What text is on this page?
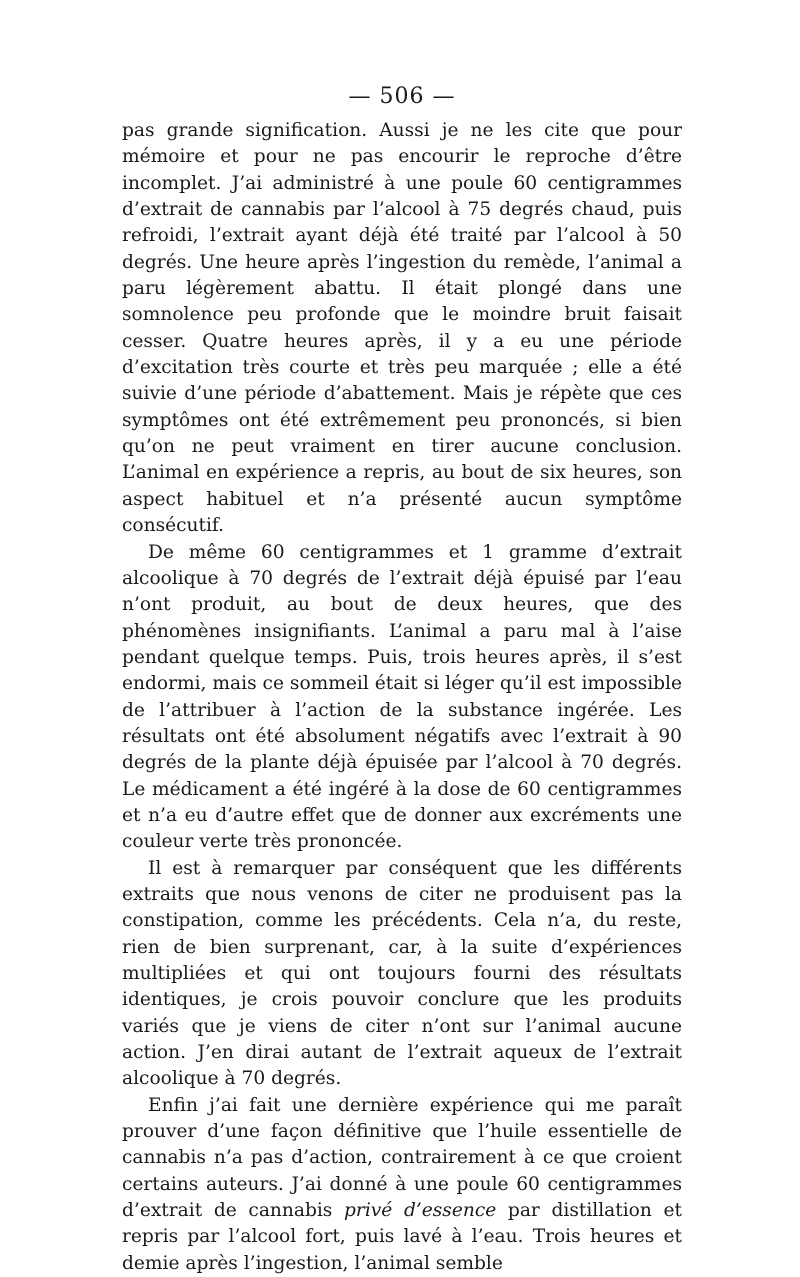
— 506 —

pas grande signification. Aussi je ne les cite que pour mémoire et pour ne pas encourir le reproche d’être incomplet. J’ai administré à une poule 60 centigrammes d’extrait de cannabis par l’alcool à 75 degrés chaud, puis refroidi, l’extrait ayant déjà été traité par l’alcool à 50 degrés. Une heure après l’ingestion du remède, l’animal a paru légèrement abattu. Il était plongé dans une somnolence peu profonde que le moindre bruit faisait cesser. Quatre heures après, il y a eu une période d’excitation très courte et très peu marquée ; elle a été suivie d’une période d’abattement. Mais je répète que ces symptômes ont été extrêmement peu prononcés, si bien qu’on ne peut vraiment en tirer aucune conclusion. L’animal en expérience a repris, au bout de six heures, son aspect habituel et n’a présenté aucun symptôme consécutif.

De même 60 centigrammes et 1 gramme d’extrait alcoolique à 70 degrés de l’extrait déjà épuisé par l’eau n’ont produit, au bout de deux heures, que des phénomènes insignifiants. L’animal a paru mal à l’aise pendant quelque temps. Puis, trois heures après, il s’est endormi, mais ce sommeil était si léger qu’il est impossible de l’attribuer à l’action de la substance ingérée. Les résultats ont été absolument négatifs avec l’extrait à 90 degrés de la plante déjà épuisée par l’alcool à 70 degrés. Le médicament a été ingéré à la dose de 60 centigrammes et n’a eu d’autre effet que de donner aux excréments une couleur verte très prononcée.

Il est à remarquer par conséquent que les différents extraits que nous venons de citer ne produisent pas la constipation, comme les précédents. Cela n’a, du reste, rien de bien surprenant, car, à la suite d’expériences multipliées et qui ont toujours fourni des résultats identiques, je crois pouvoir conclure que les produits variés que je viens de citer n’ont sur l’animal aucune action. J’en dirai autant de l’extrait aqueux de l’extrait alcoolique à 70 degrés.

Enfin j’ai fait une dernière expérience qui me paraît prouver d’une façon définitive que l’huile essentielle de cannabis n’a pas d’action, contrairement à ce que croient certains auteurs. J’ai donné à une poule 60 centigrammes d’extrait de cannabis privé d’essence par distillation et repris par l’alcool fort, puis lavé à l’eau. Trois heures et demie après l’ingestion, l’animal semble
